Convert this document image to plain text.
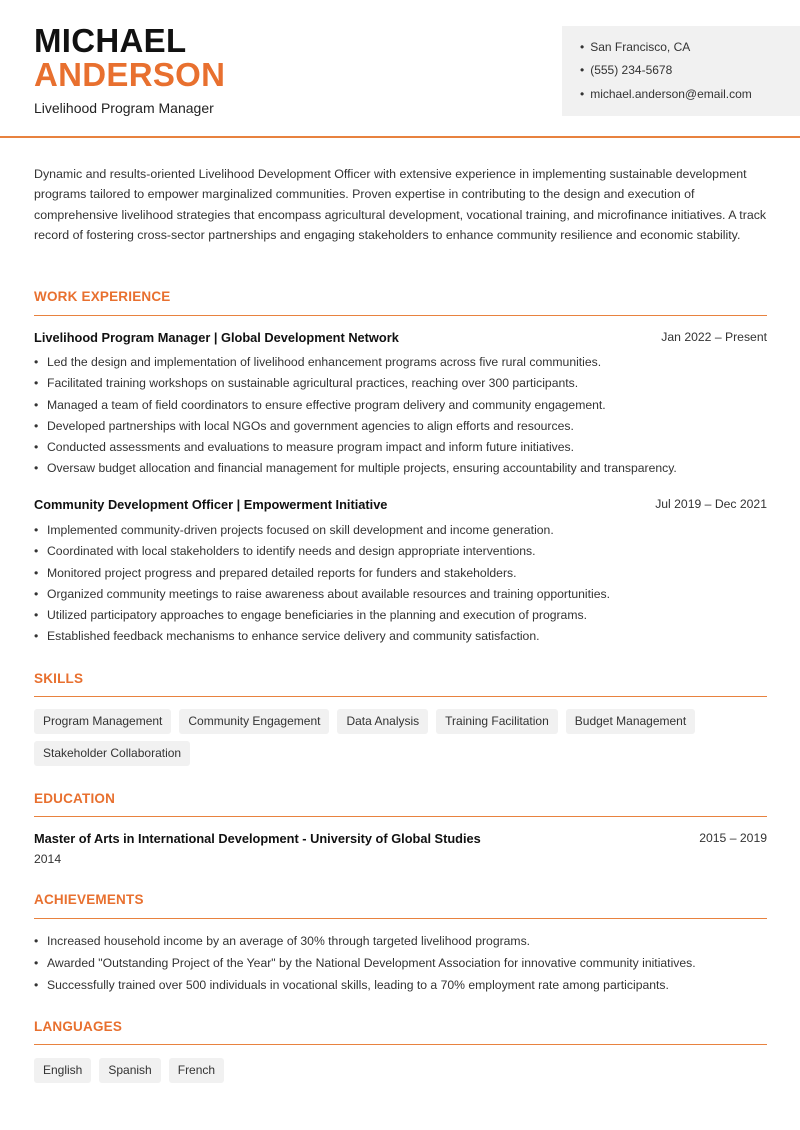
MICHAEL
ANDERSON
Livelihood Program Manager
• San Francisco, CA
• (555) 234-5678
• michael.anderson@email.com

Dynamic and results-oriented Livelihood Development Officer with extensive experience in implementing sustainable development programs tailored to empower marginalized communities. Proven expertise in contributing to the design and execution of comprehensive livelihood strategies that encompass agricultural development, vocational training, and microfinance initiatives. A track record of fostering cross-sector partnerships and engaging stakeholders to enhance community resilience and economic stability.

WORK EXPERIENCE
Livelihood Program Manager | Global Development Network	Jan 2022 – Present
• Led the design and implementation of livelihood enhancement programs across five rural communities.
• Facilitated training workshops on sustainable agricultural practices, reaching over 300 participants.
• Managed a team of field coordinators to ensure effective program delivery and community engagement.
• Developed partnerships with local NGOs and government agencies to align efforts and resources.
• Conducted assessments and evaluations to measure program impact and inform future initiatives.
• Oversaw budget allocation and financial management for multiple projects, ensuring accountability and transparency.
Community Development Officer | Empowerment Initiative	Jul 2019 – Dec 2021
• Implemented community-driven projects focused on skill development and income generation.
• Coordinated with local stakeholders to identify needs and design appropriate interventions.
• Monitored project progress and prepared detailed reports for funders and stakeholders.
• Organized community meetings to raise awareness about available resources and training opportunities.
• Utilized participatory approaches to engage beneficiaries in the planning and execution of programs.
• Established feedback mechanisms to enhance service delivery and community satisfaction.
SKILLS
Program Management	Community Engagement	Data Analysis	Training Facilitation	Budget Management
Stakeholder Collaboration
EDUCATION
Master of Arts in International Development - University of Global Studies	2015 – 2019
2014
ACHIEVEMENTS
• Increased household income by an average of 30% through targeted livelihood programs.
• Awarded "Outstanding Project of the Year" by the National Development Association for innovative community initiatives.
• Successfully trained over 500 individuals in vocational skills, leading to a 70% employment rate among participants.
LANGUAGES
English	Spanish	French
